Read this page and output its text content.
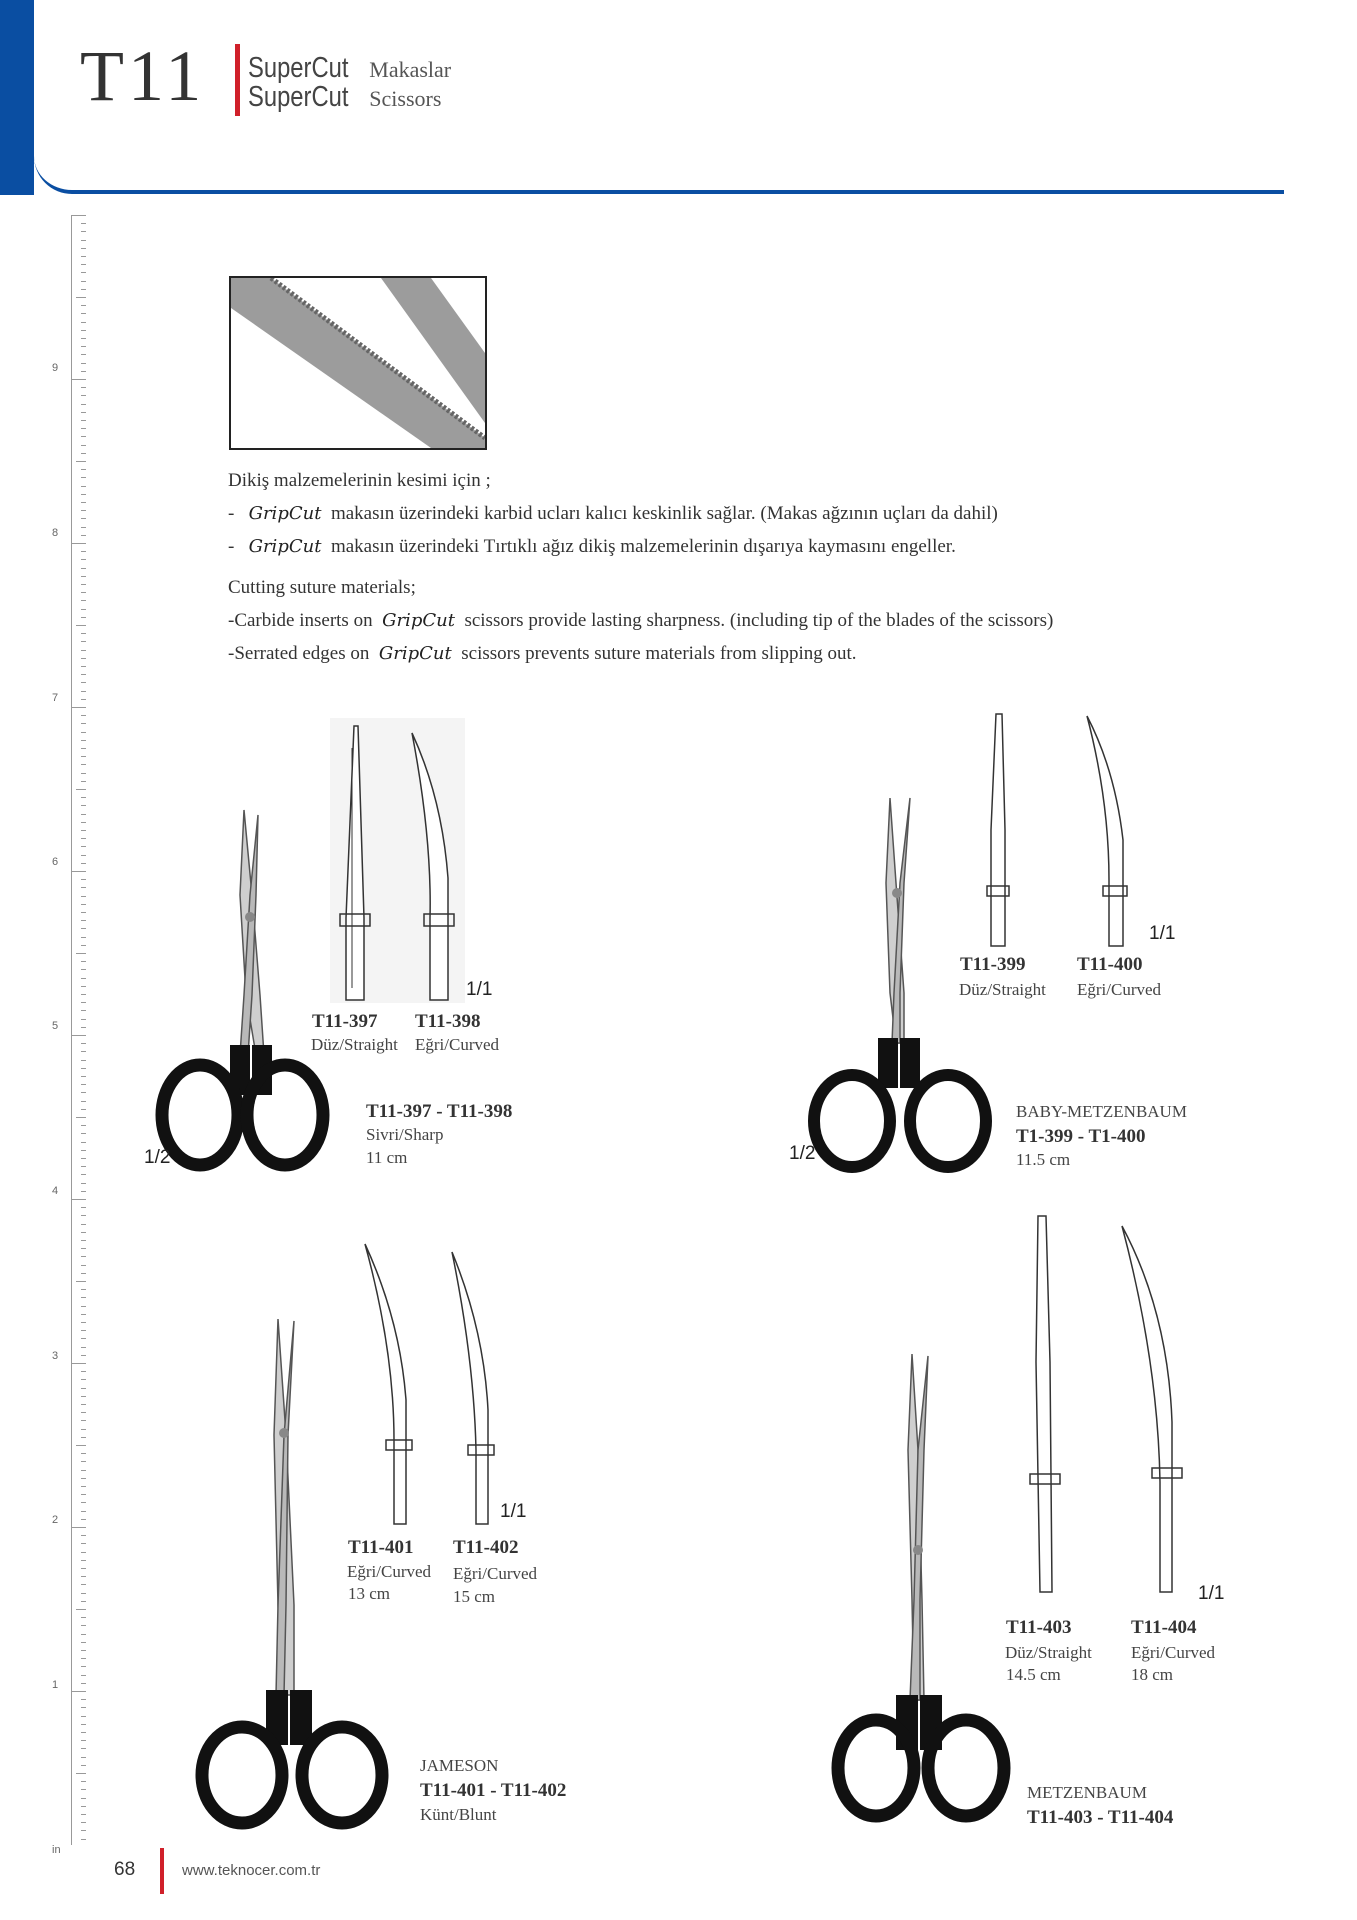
T11 SuperCut Makaslar
SuperCut Scissors
9
8
7
6
5
4
3
2
1
in
Dikiş malzemelerinin kesimi için ;
- GripCut makasın üzerindeki karbid ucları kalıcı keskinlik sağlar. (Makas ağzının uçları da dahil)
- GripCut makasın üzerindeki Tırtıklı ağız dikiş malzemelerinin dışarıya kaymasını engeller.
Cutting suture materials;
-Carbide inserts on GripCut scissors provide lasting sharpness. (including tip of the blades of the scissors)
-Serrated edges on GripCut scissors prevents suture materials from slipping out.
1/1
T11-397 T11-398
Düz/Straight Eğri/Curved
T11-397 - T11-398
Sivri/Sharp
11 cm
1/2
1/1
T11-399	T11-400
Düz/Straight Eğri/Curved
BABY-METZENBAUM
T1-399 - T1-400
11.5 cm
1/2
1/1
T11-401 T11-402
Eğri/Curved Eğri/Curved
13 cm	15 cm
JAMESON
T11-401 - T11-402
Künt/Blunt
1/1
T11-403	T11-404
Düz/Straight Eğri/Curved
14.5 cm	18 cm
METZENBAUM
T11-403 - T11-404
68	www.teknocer.com.tr
